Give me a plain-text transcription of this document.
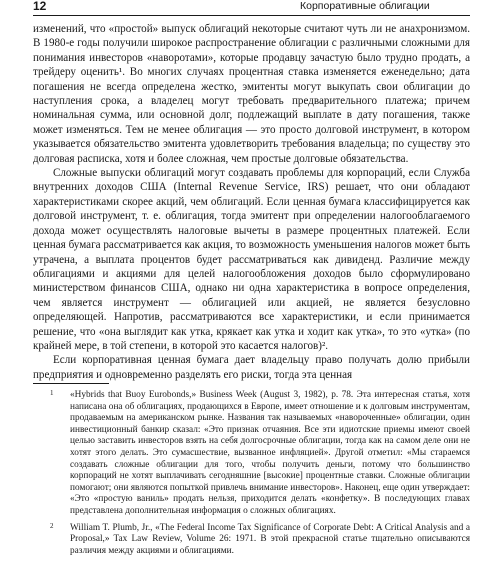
12	Корпоративные облигации

изменений, что «простой» выпуск облигаций некоторые считают чуть ли не анахронизмом. В 1980-е годы получили широкое распространение облигации с различными сложными для понимания инвесторов «наворотами», которые продавцу зачастую было трудно продать, а трейдеру оценить¹. Во многих случаях процентная ставка изменяется еженедельно; дата погашения не всегда определена жестко, эмитенты могут выкупать свои облигации до наступления срока, а владелец могут требовать предварительного платежа; причем номинальная сумма, или основной долг, подлежащий выплате в дату погашения, также может изменяться. Тем не менее облигация — это просто долговой инструмент, в котором указывается обязательство эмитента удовлетворить требования владельца; по существу это долговая расписка, хотя и более сложная, чем простые долговые обязательства.

Сложные выпуски облигаций могут создавать проблемы для корпораций, если Служба внутренних доходов США (Internal Revenue Service, IRS) решает, что они обладают характеристиками скорее акций, чем облигаций. Если ценная бумага классифицируется как долговой инструмент, т. е. облигация, тогда эмитент при определении налогооблагаемого дохода может осуществлять налоговые вычеты в размере процентных платежей. Если ценная бумага рассматривается как акция, то возможность уменьшения налогов может быть утрачена, а выплата процентов будет рассматриваться как дивиденд. Различие между облигациями и акциями для целей налогообложения доходов было сформулировано министерством финансов США, однако ни одна характеристика в вопросе определения, чем является инструмент — облигацией или акцией, не является безусловно определяющей. Напротив, рассматриваются все характеристики, и если принимается решение, что «она выглядит как утка, крякает как утка и ходит как утка», то это «утка» (по крайней мере, в той степени, в которой это касается налогов)².

Если корпоративная ценная бумага дает владельцу право получать долю прибыли предприятия и одновременно разделять его риски, тогда эта ценная

1 «Hybrids that Buoy Eurobonds,» Business Week (August 3, 1982), p. 78. Эта интересная статья, хотя написана она об облигациях, продающихся в Европе, имеет отношение и к долговым инструментам, продаваемым на американском рынке. Названия так называемых «навороченные» облигации, один инвестиционный банкир сказал: «Это признак отчаяния. Все эти идиотские приемы имеют своей целью заставить инвесторов взять на себя долгосрочные облигации, тогда как на самом деле они не хотят этого делать. Это сумасшествие, вызванное инфляцией». Другой отметил: «Мы стараемся создавать сложные облигации для того, чтобы получить деньги, потому что большинство корпораций не хотят выплачивать сегодняшние [высокие] процентные ставки. Сложные облигации помогают; они являются попыткой привлечь внимание инвесторов». Наконец, еще один утверждает: «Это «простую ваниль» продать нельзя, приходится делать «конфетку». В последующих главах представлена дополнительная информация о сложных облигациях.
2 William T. Plumb, Jr., «The Federal Income Tax Significance of Corporate Debt: A Critical Analysis and a Proposal,» Tax Law Review, Volume 26: 1971. В этой прекрасной статье тщательно описываются различия между акциями и облигациями.
